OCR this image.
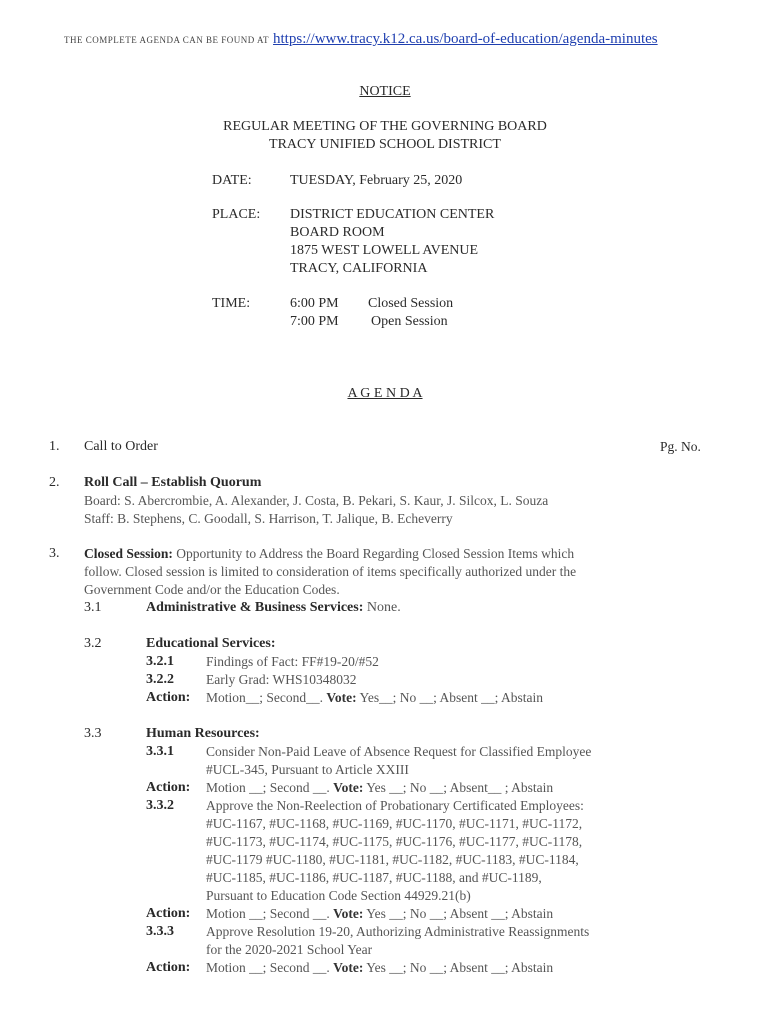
THE COMPLETE AGENDA CAN BE FOUND AT https://www.tracy.k12.ca.us/board-of-education/agenda-minutes
NOTICE
REGULAR MEETING OF THE GOVERNING BOARD
TRACY UNIFIED SCHOOL DISTRICT
DATE:	TUESDAY, February 25, 2020
PLACE: DISTRICT EDUCATION CENTER
BOARD ROOM
1875 WEST LOWELL AVENUE
TRACY, CALIFORNIA
TIME:	6:00 PM Closed Session
7:00 PM Open Session
A G E N D A
1. Call to Order	Pg. No.
2. Roll Call – Establish Quorum
Board: S. Abercrombie, A. Alexander, J. Costa, B. Pekari, S. Kaur, J. Silcox, L. Souza
Staff: B. Stephens, C. Goodall, S. Harrison, T. Jalique, B. Echeverry
3. Closed Session: Opportunity to Address the Board Regarding Closed Session Items which
follow. Closed session is limited to consideration of items specifically authorized under the
Government Code and/or the Education Codes.
3.1	Administrative & Business Services: None.
3.2	Educational Services:
3.2.1 Findings of Fact: FF#19-20/#52
3.2.2 Early Grad: WHS10348032
Action: Motion__; Second__. Vote: Yes__; No __; Absent __; Abstain
3.3	Human Resources:
3.3.1 Consider Non-Paid Leave of Absence Request for Classified Employee
#UCL-345, Pursuant to Article XXIII
Action: Motion __; Second __. Vote: Yes __; No __; Absent__ ; Abstain
3.3.2 Approve the Non-Reelection of Probationary Certificated Employees:
#UC-1167, #UC-1168, #UC-1169, #UC-1170, #UC-1171, #UC-1172,
#UC-1173, #UC-1174, #UC-1175, #UC-1176, #UC-1177, #UC-1178,
#UC-1179 #UC-1180, #UC-1181, #UC-1182, #UC-1183, #UC-1184,
#UC-1185, #UC-1186, #UC-1187, #UC-1188, and #UC-1189,
Pursuant to Education Code Section 44929.21(b)
Action: Motion __; Second __. Vote: Yes __; No __; Absent __; Abstain
3.3.3 Approve Resolution 19-20, Authorizing Administrative Reassignments
for the 2020-2021 School Year
Action: Motion __; Second __. Vote: Yes __; No __; Absent __; Abstain
